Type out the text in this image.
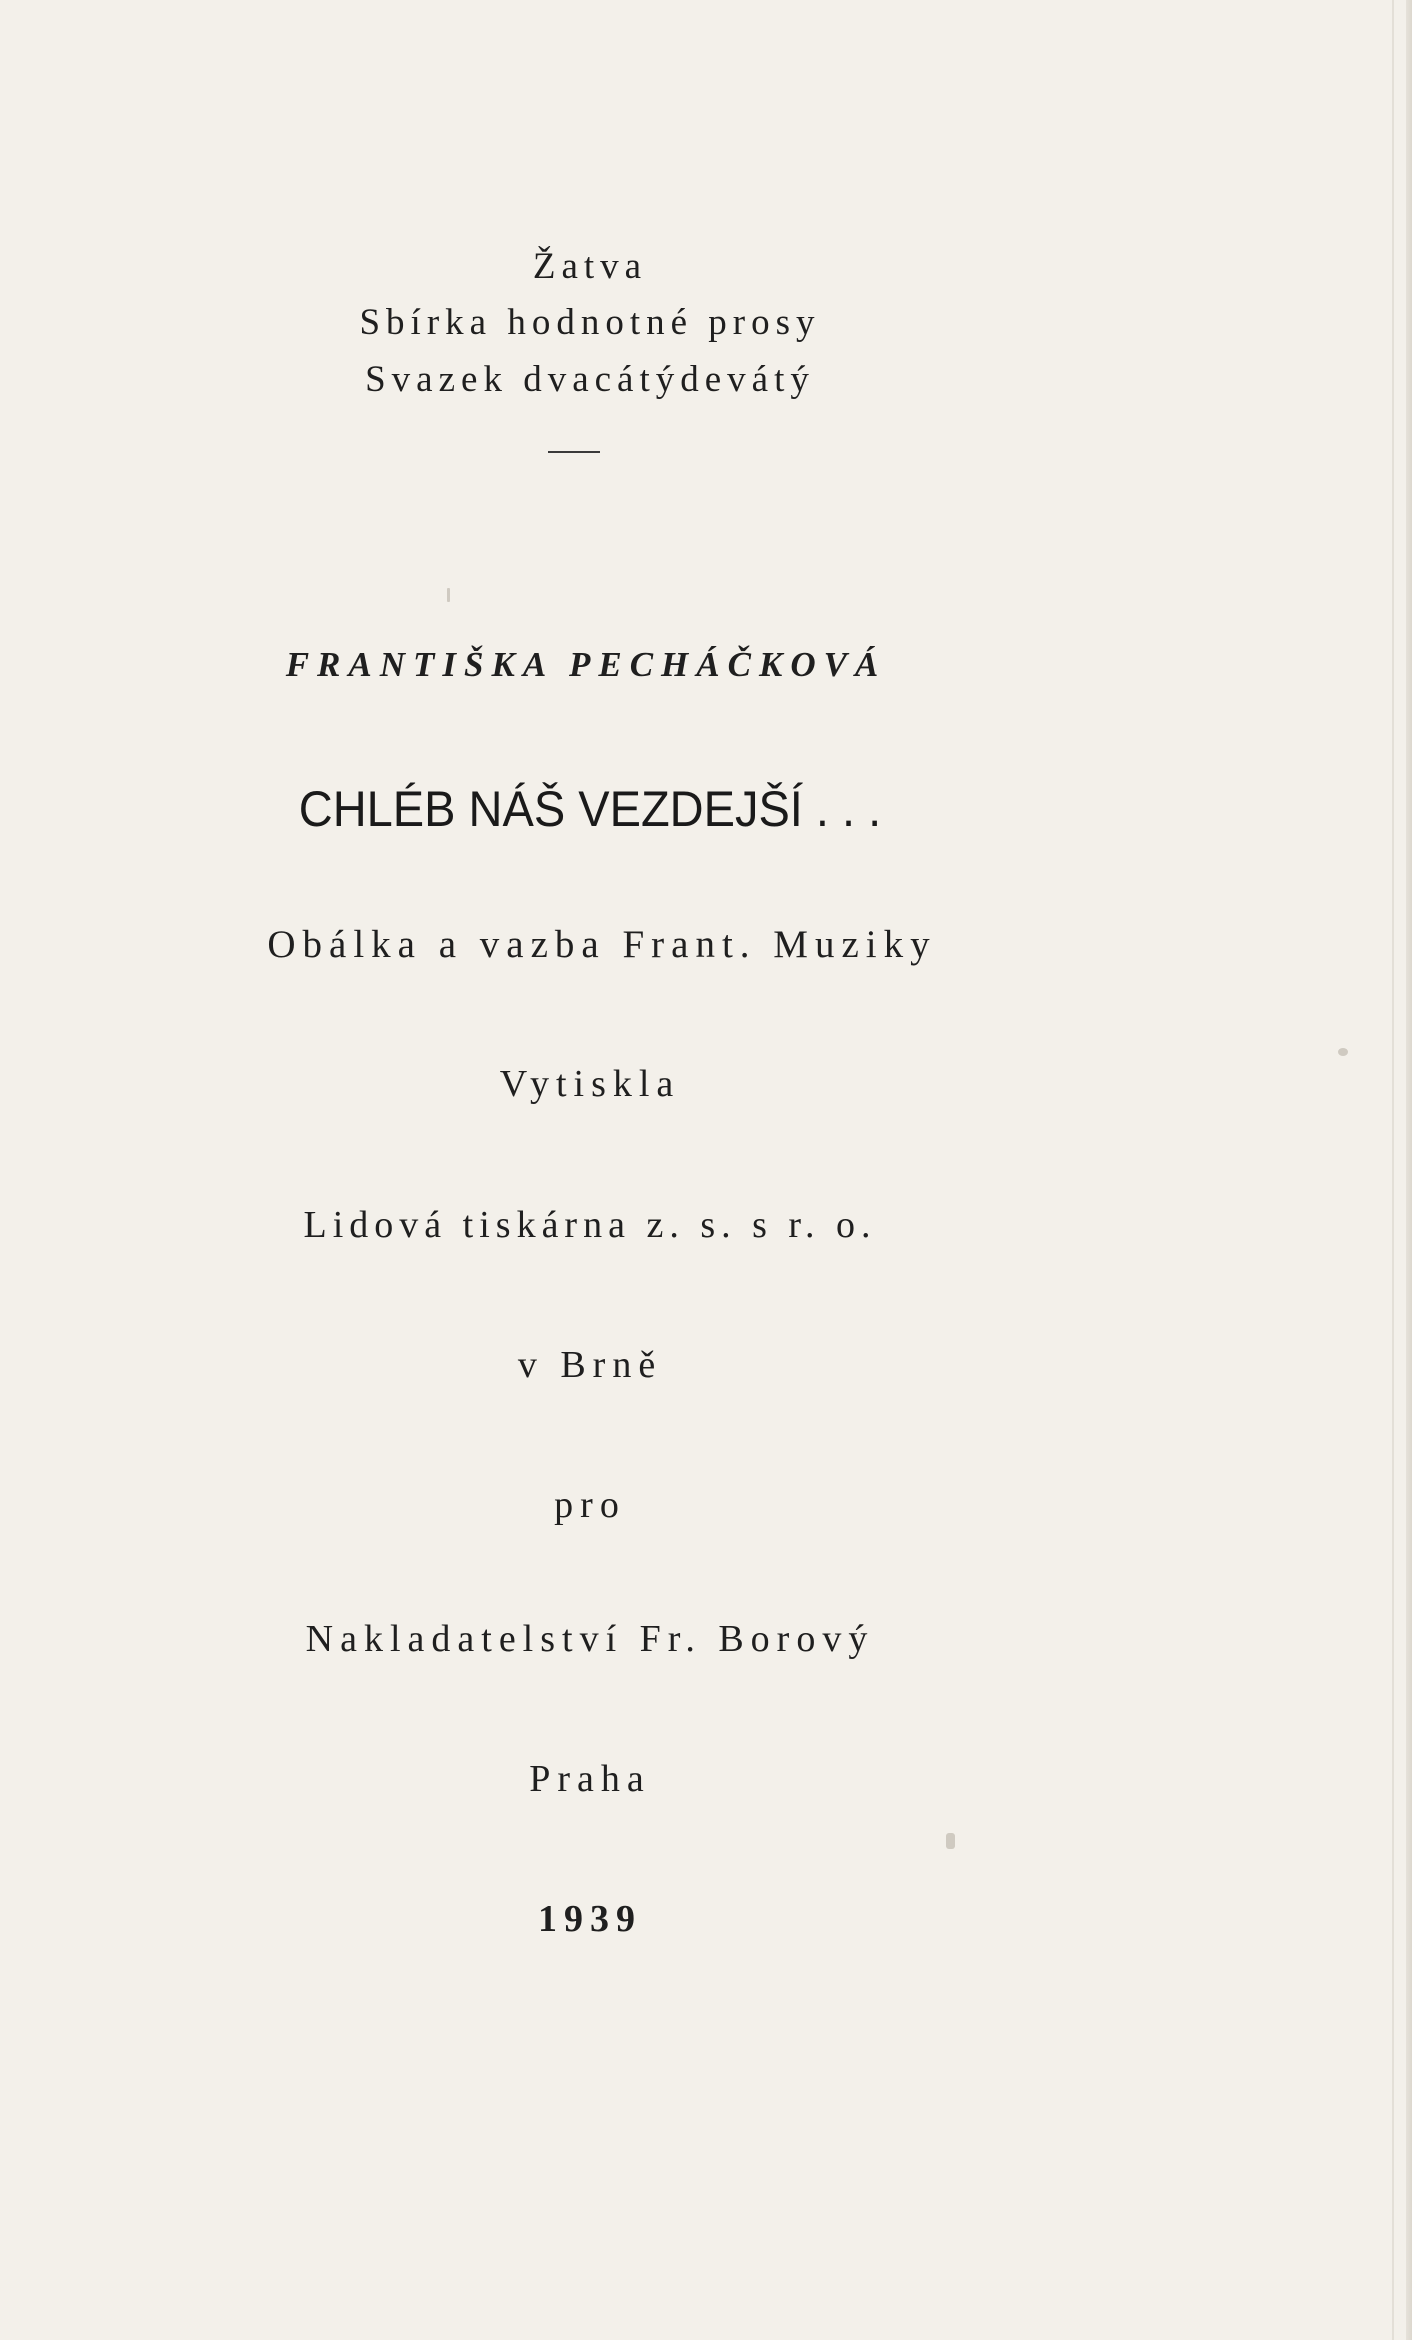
Žatva
Sbírka hodnotné prosy
Svazek dvacátýdevátý
FRANTIŠKA PECHÁČKOVÁ
CHLÉB NÁŠ VEZDEJŠÍ . . .
Obálka a vazba Frant. Muziky
Vytiskla
Lidová tiskárna z. s. s r. o.
v Brně
pro
Nakladatelství Fr. Borový
Praha
1939
